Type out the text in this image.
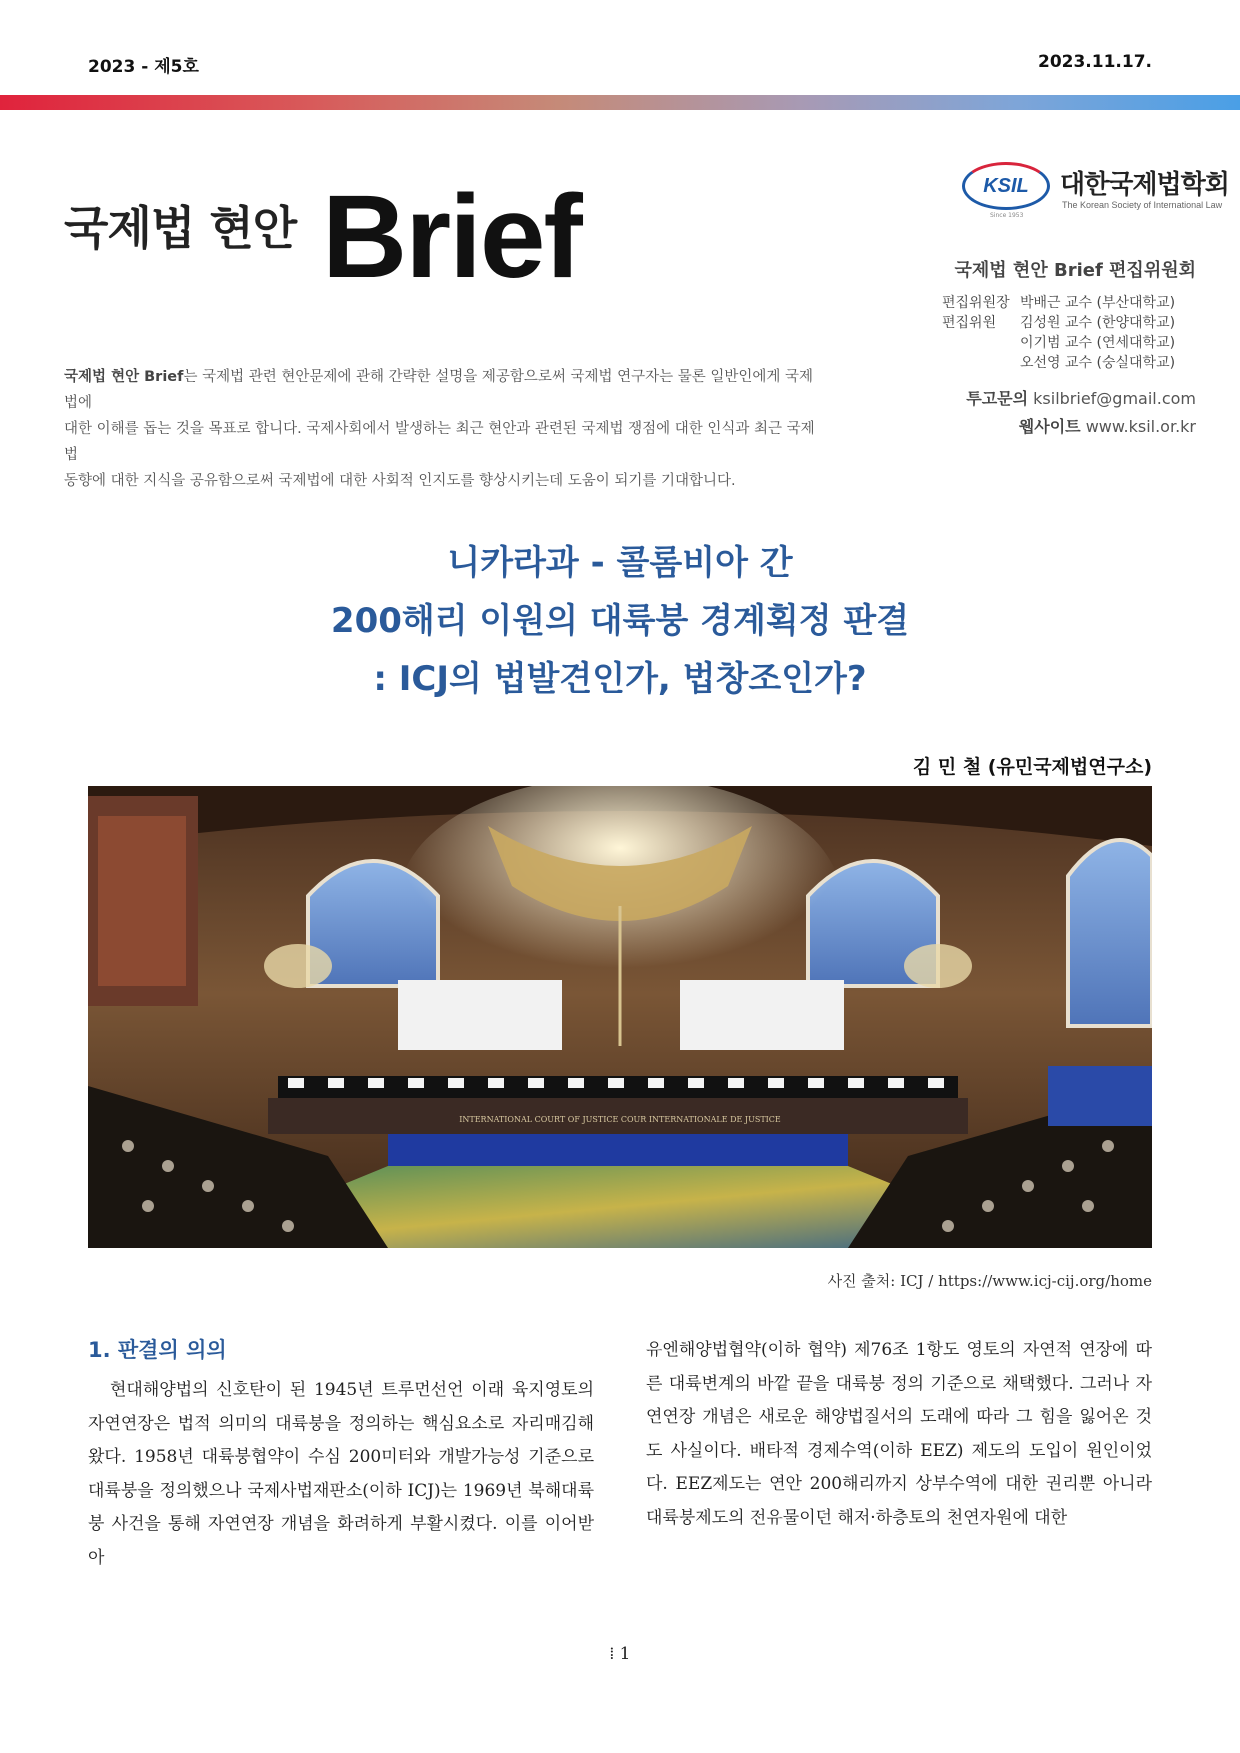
2023 - 제5호	2023.11.17.
국제법 현안 Brief
국제법 현안 Brief는 국제법 관련 현안문제에 관해 간략한 설명을 제공함으로써 국제법 연구자는 물론 일반인에게 국제법에
대한 이해를 돕는 것을 목표로 합니다. 국제사회에서 발생하는 최근 현안과 관련된 국제법 쟁점에 대한 인식과 최근 국제법
동향에 대한 지식을 공유함으로써 국제법에 대한 사회적 인지도를 향상시키는데 도움이 되기를 기대합니다.
KSIL
Since 1953
대한국제법학회
The Korean Society of International Law
국제법 현안 Brief 편집위원회
편집위원장 박배근 교수 (부산대학교)
편집위원	김성원 교수 (한양대학교)
이기범 교수 (연세대학교)
오선영 교수 (숭실대학교)
투고문의 ksilbrief@gmail.com
웹사이트 www.ksil.or.kr
니카라과 - 콜롬비아 간
200해리 이원의 대륙붕 경계획정 판결
: ICJ의 법발견인가, 법창조인가?
김 민 철 (유민국제법연구소)
INTERNATIONAL COURT OF JUSTICE COUR INTERNATIONALE DE JUSTICE
사진 출처: ICJ / https://www.icj-cij.org/home
1. 판결의 의의

현대해양법의 신호탄이 된 1945년 트루먼선언 이래 육지영토의 자연연장은 법적 의미의 대륙붕을 정의하는 핵심요소로 자리매김해왔다. 1958년 대륙붕협약이 수심 200미터와 개발가능성 기준으로 대륙붕을 정의했으나 국제사법재판소(이하 ICJ)는 1969년 북해대륙붕 사건을 통해 자연연장 개념을 화려하게 부활시켰다. 이를 이어받아

유엔해양법협약(이하 협약) 제76조 1항도 영토의 자연적 연장에 따른 대륙변계의 바깥 끝을 대륙붕 정의 기준으로 채택했다. 그러나 자연연장 개념은 새로운 해양법질서의 도래에 따라 그 힘을 잃어온 것도 사실이다. 배타적 경제수역(이하 EEZ) 제도의 도입이 원인이었다. EEZ제도는 연안 200해리까지 상부수역에 대한 권리뿐 아니라 대륙붕제도의 전유물이던 해저·하층토의 천연자원에 대한

⁞ 1
